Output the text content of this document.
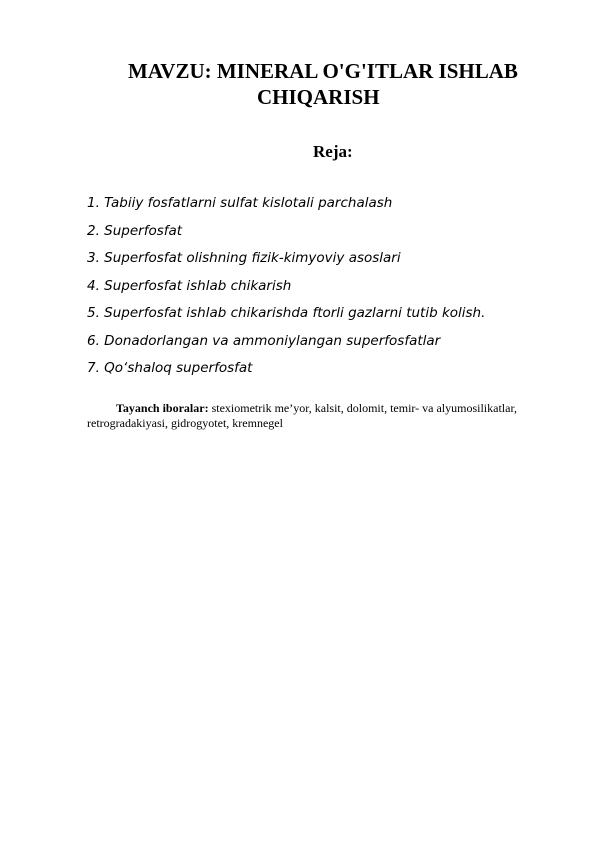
MAVZU: MINERAL O'G'ITLAR ISHLAB
CHIQARISH
Reja:
1. Tabiiy fosfatlarni sulfat kislotali parchalash
2. Superfosfat
3. Superfosfat olishning fizik-kimyoviy asoslari
4. Superfosfat ishlab chikarish
5. Superfosfat ishlab chikarishda ftorli gazlarni tutib kolish.
6. Donadorlangan va ammoniylangan superfosfatlar
7. Qo‘shaloq superfosfat

Tayanch iboralar: stexiometrik me’yor, kalsit, dolomit, temir- va alyumosilikatlar, retrogradakiyasi, gidrogyotet, kremnegel
